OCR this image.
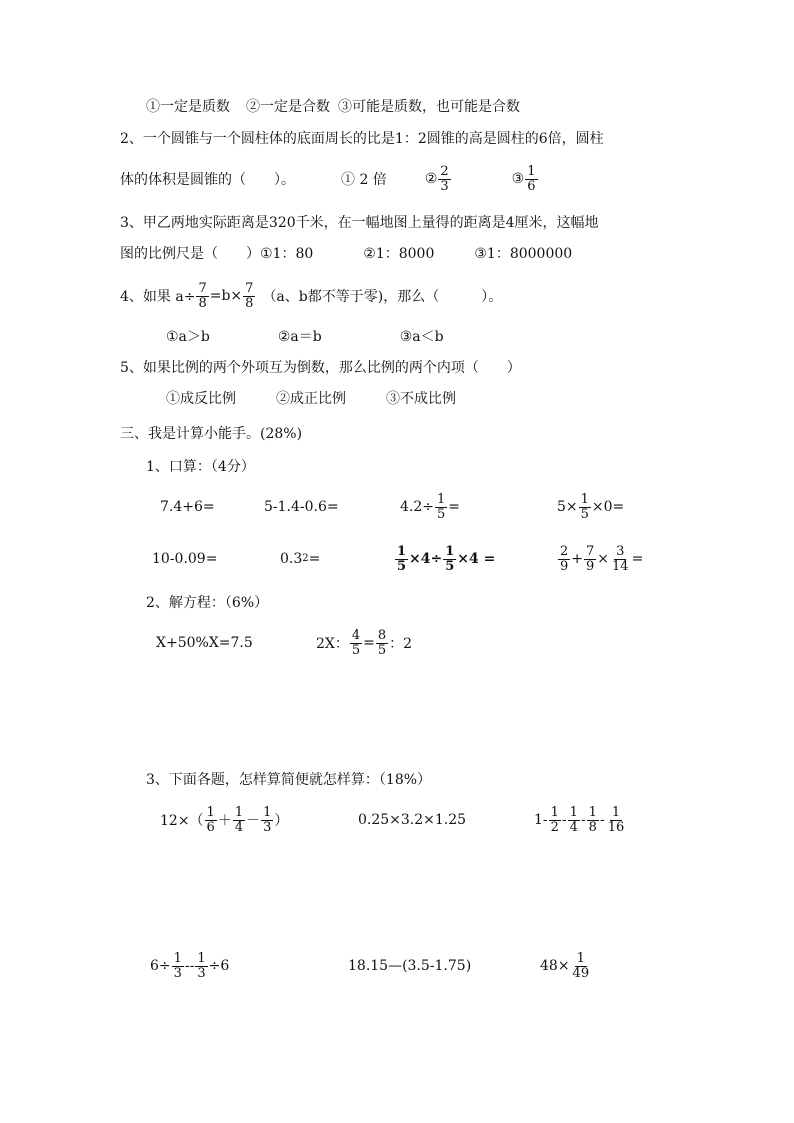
①一定是质数 ②一定是合数 ③可能是质数，也可能是合数
2、一个圆锥与一个圆柱体的底面周长的比是1：2圆锥的高是圆柱的6倍，圆柱
体的体积是圆锥的（　　）。	① 2 倍	② $\frac{2}{3}$	③ $\frac{1}{6}$
3、甲乙两地实际距离是320千米，在一幅地图上量得的距离是4厘米，这幅地
图的比例尺是（　　） ①1：80	②1：8000	③1：8000000
4、如果 $a\div \frac{7}{8} =b\times \frac{7}{8} (a$、b都不等于零)，那么（　　　）。
①a＞b	②a＝b	③a＜b
5、如果比例的两个外项互为倒数，那么比例的两个内项（　　）
①成反比例	②成正比例	③不成比例
三、我是计算小能手。(28%)
1、口算：（4分）
7.4+6=	5-1.4-0.6=	$4.2\div \frac{1}{5}$ =	$5\times \frac{1}{5} \times 0=$
10-0.09=	0.3 2 =	$\frac{1}{5} \times 4\div \frac{1}{5} \times 4$ =	$\frac{2}{9} + \frac{7}{9} \times \frac{3}{14}$ =
2、解方程：（6%）
X+50%X=7.5	2X： $\frac{4}{5} = \frac{8}{5}$ ：2
3、下面各题，怎样算简便就怎样算：（18%）
$12\times( \frac{1}{6} + \frac{1}{4} - \frac{1}{3}$ ）	0.25×3.2×1.25	$1- \frac{1}{2} - \frac{1}{4} - \frac{1}{8} - \frac{1}{16}$
$6\div \frac{1}{3} -- \frac{1}{3} \div 6$	18.15—(3.5-1.75)	$48\times \frac{1}{49}$
